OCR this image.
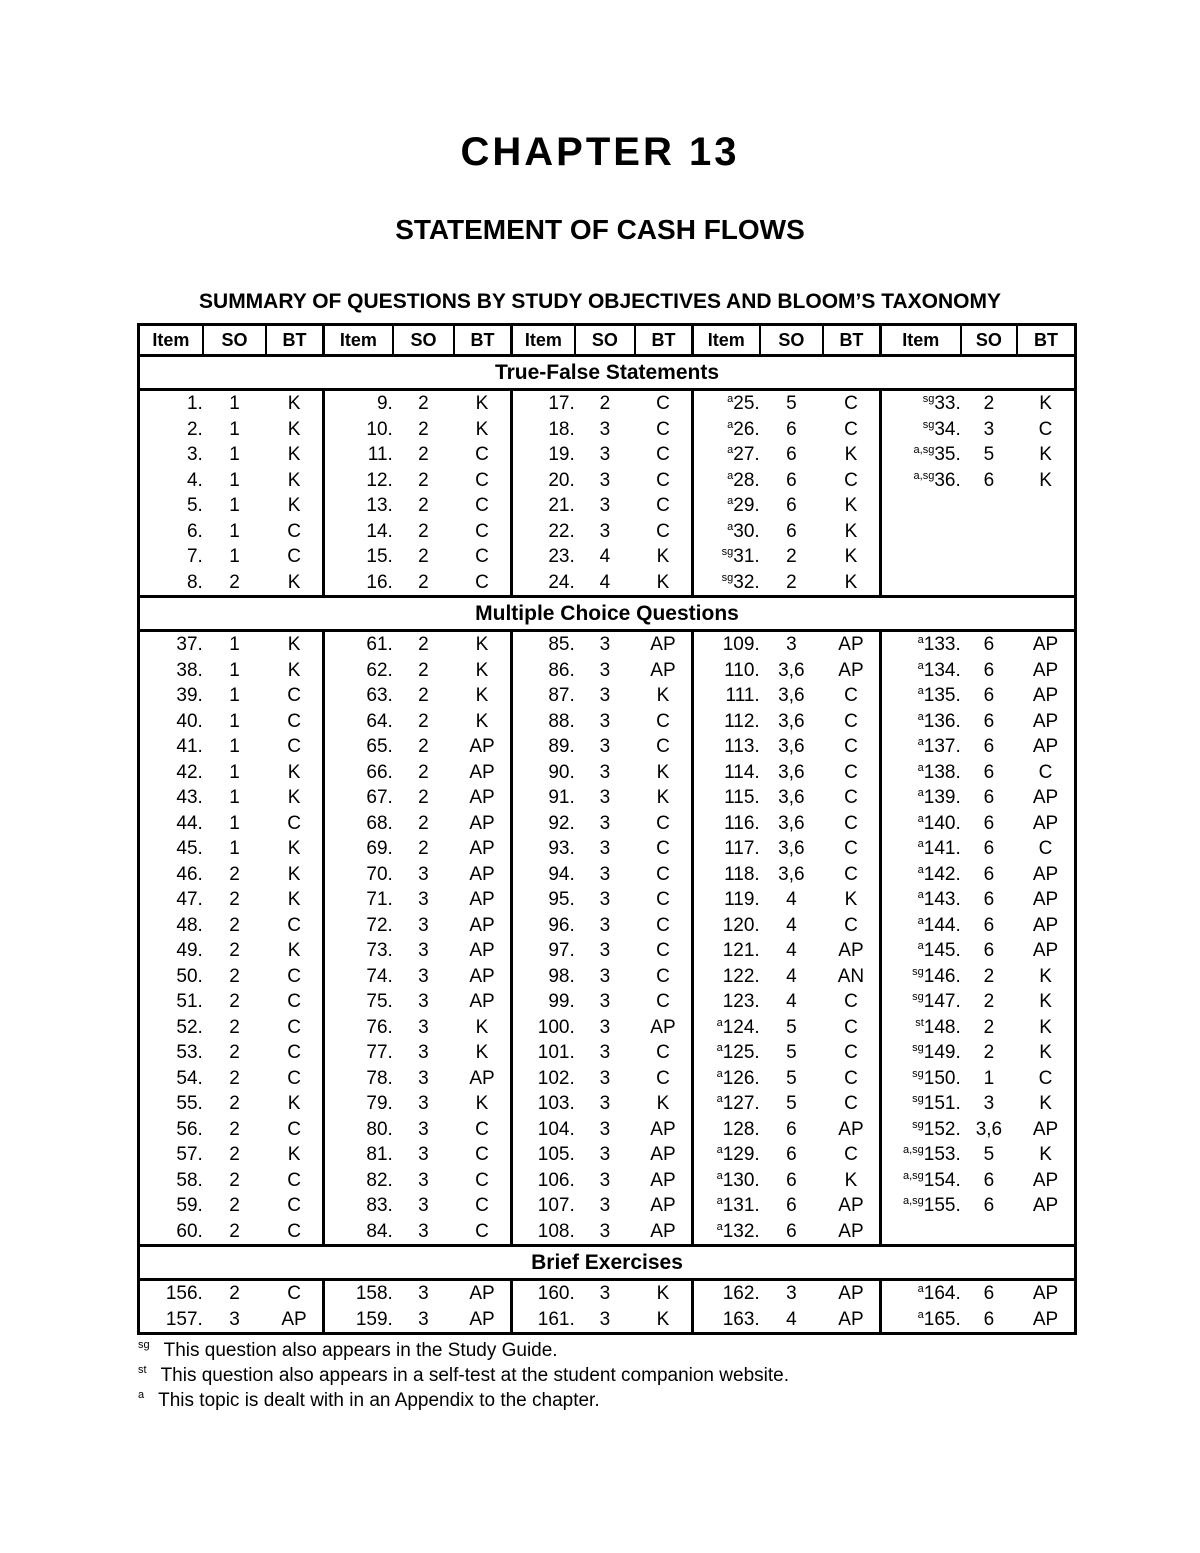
CHAPTER 13
STATEMENT OF CASH FLOWS
SUMMARY OF QUESTIONS BY STUDY OBJECTIVES AND BLOOM’S TAXONOMY
Item	SO	BT	Item	SO	BT	Item	SO	BT	Item	SO	BT	Item	SO	BT
True-False Statements														
1.	1	K	9.	2	K	17.	2	C	$^a$25.	5	C	$^{sg}$33.	2	K
2.	1	K	10.	2	K	18.	3	C	$^a$26.	6	C	$^{sg}$34.	3	C
3.	1	K	11.	2	C	19.	3	C	$^a$27.	6	K	$^{a,sg}$35.	5	K
4.	1	K	12.	2	C	20.	3	C	$^a$28.	6	C	$^{a,sg}$36.	6	K
5.	1	K	13.	2	C	21.	3	C	$^a$29.	6	K			
6.	1	C	14.	2	C	22.	3	C	$^a$30.	6	K			
7.	1	C	15.	2	C	23.	4	K	$^{sg}$31.	2	K			
8.	2	K	16.	2	C	24.	4	K	$^{sg}$32.	2	K			
Multiple Choice Questions														
37.	1	K	61.	2	K	85.	3	AP	109.	3	AP	$^a$133.	6	AP
38.	1	K	62.	2	K	86.	3	AP	110.	3,6	AP	$^a$134.	6	AP
39.	1	C	63.	2	K	87.	3	K	111.	3,6	C	$^a$135.	6	AP
40.	1	C	64.	2	K	88.	3	C	112.	3,6	C	$^a$136.	6	AP
41.	1	C	65.	2	AP	89.	3	C	113.	3,6	C	$^a$137.	6	AP
42.	1	K	66.	2	AP	90.	3	K	114.	3,6	C	$^a$138.	6	C
43.	1	K	67.	2	AP	91.	3	K	115.	3,6	C	$^a$139.	6	AP
44.	1	C	68.	2	AP	92.	3	C	116.	3,6	C	$^a$140.	6	AP
45.	1	K	69.	2	AP	93.	3	C	117.	3,6	C	$^a$141.	6	C
46.	2	K	70.	3	AP	94.	3	C	118.	3,6	C	$^a$142.	6	AP
47.	2	K	71.	3	AP	95.	3	C	119.	4	K	$^a$143.	6	AP
48.	2	C	72.	3	AP	96.	3	C	120.	4	C	$^a$144.	6	AP
49.	2	K	73.	3	AP	97.	3	C	121.	4	AP	$^a$145.	6	AP
50.	2	C	74.	3	AP	98.	3	C	122.	4	AN	$^{sg}$146.	2	K
51.	2	C	75.	3	AP	99.	3	C	123.	4	C	$^{sg}$147.	2	K
52.	2	C	76.	3	K	100.	3	AP	$^a$124.	5	C	$^{st}$148.	2	K
53.	2	C	77.	3	K	101.	3	C	$^a$125.	5	C	$^{sg}$149.	2	K
54.	2	C	78.	3	AP	102.	3	C	$^a$126.	5	C	$^{sg}$150.	1	C
55.	2	K	79.	3	K	103.	3	K	$^a$127.	5	C	$^{sg}$151.	3	K
56.	2	C	80.	3	C	104.	3	AP	128.	6	AP	$^{sg}$152.	3,6	AP
57.	2	K	81.	3	C	105.	3	AP	$^a$129.	6	C	$^{a,sg}$153.	5	K
58.	2	C	82.	3	C	106.	3	AP	$^a$130.	6	K	$^{a,sg}$154.	6	AP
59.	2	C	83.	3	C	107.	3	AP	$^a$131.	6	AP	$^{a,sg}$155.	6	AP
60.	2	C	84.	3	C	108.	3	AP	$^a$132.	6	AP			
Brief Exercises														
156.	2	C	158.	3	AP	160.	3	K	162.	3	AP	$^a$164.	6	AP
157.	3	AP	159.	3	AP	161.	3	K	163.	4	AP	$^a$165.	6	AP
$^{sg}$ This question also appears in the Study Guide.
$^{st}$ This question also appears in a self-test at the student companion website.
$^a$ This topic is dealt with in an Appendix to the chapter.
